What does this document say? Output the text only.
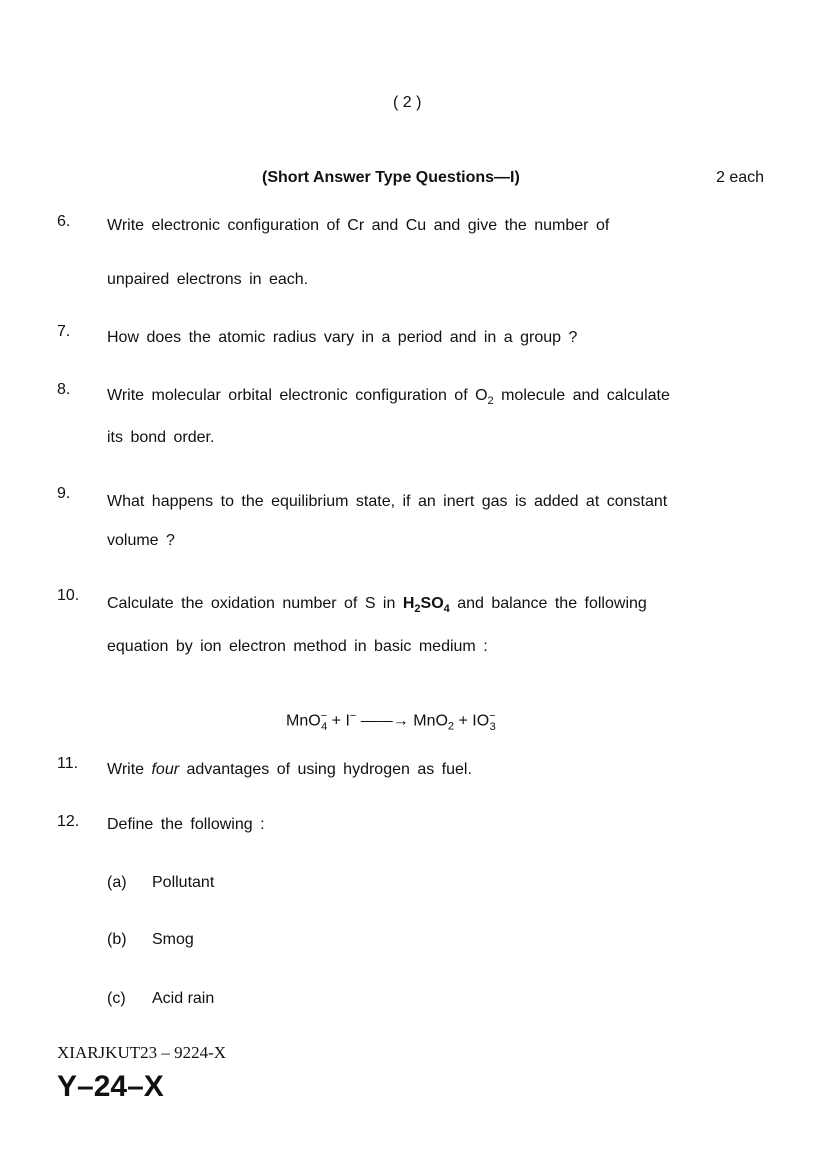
( 2 )
(Short Answer Type Questions—I)	2 each
6. Write electronic configuration of Cr and Cu and give the number of
unpaired electrons in each.
7. How does the atomic radius vary in a period and in a group ?
8. Write molecular orbital electronic configuration of $O_2$ molecule and calculate
its bond order.
9. What happens to the equilibrium state, if an inert gas is added at constant
volume ?
10. Calculate the oxidation number of S in $H_2SO_4$ and balance the following
equation by ion electron method in basic medium :
MnO−$_4$ + I− ——→ $MnO_2 + IO^-_3$
11. Write four advantages of using hydrogen as fuel.
12. Define the following :
(a) Pollutant
(b) Smog
(c) Acid rain
XIARJKUT23 – 9224-X
Y–24–X
